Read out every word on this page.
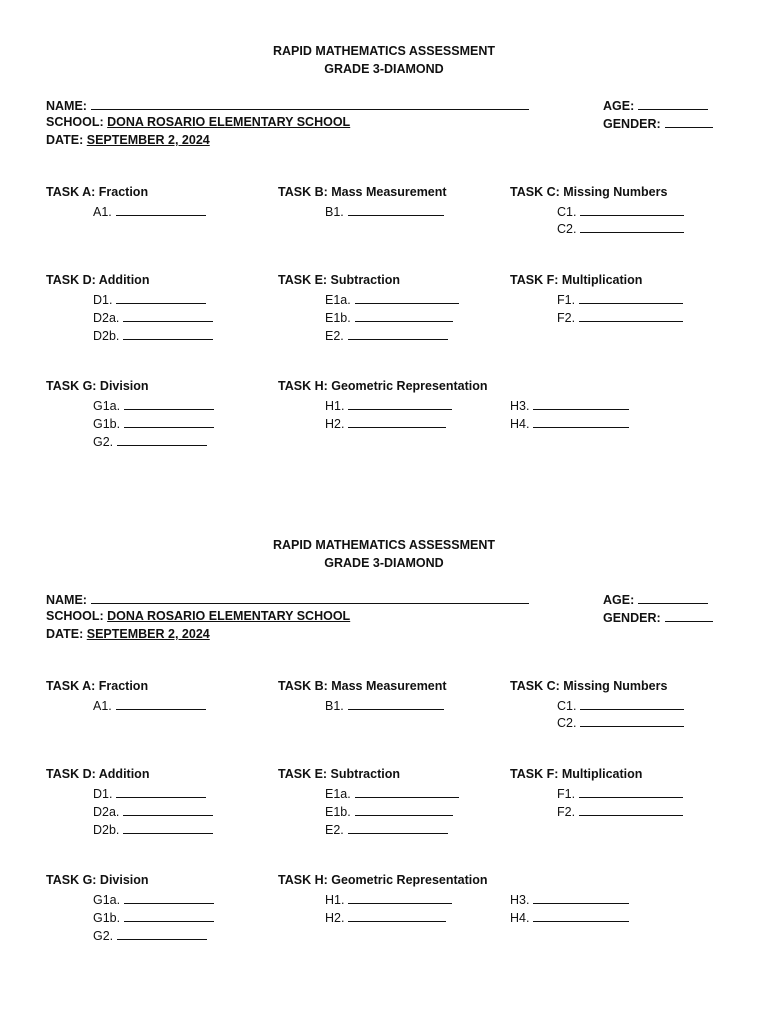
RAPID MATHEMATICS ASSESSMENT
GRADE 3-DIAMOND
NAME:	AGE:
SCHOOL: DONA ROSARIO ELEMENTARY SCHOOL	GENDER:
DATE: SEPTEMBER 2, 2024
TASK A: Fraction
A1.
TASK B: Mass Measurement
B1.
TASK C: Missing Numbers
C1.
C2.
TASK D: Addition
D1.
D2a.
D2b.
TASK E: Subtraction
E1a.
E1b.
E2.
TASK F: Multiplication
F1.
F2.
TASK G: Division
G1a.
G1b.
G2.
TASK H: Geometric Representation
H1.
H2.
H3.
H4.
RAPID MATHEMATICS ASSESSMENT
GRADE 3-DIAMOND
NAME:	AGE:
SCHOOL: DONA ROSARIO ELEMENTARY SCHOOL	GENDER:
DATE: SEPTEMBER 2, 2024
TASK A: Fraction
A1.
TASK B: Mass Measurement
B1.
TASK C: Missing Numbers
C1.
C2.
TASK D: Addition
D1.
D2a.
D2b.
TASK E: Subtraction
E1a.
E1b.
E2.
TASK F: Multiplication
F1.
F2.
TASK G: Division
G1a.
G1b.
G2.
TASK H: Geometric Representation
H1.
H2.
H3.
H4.
